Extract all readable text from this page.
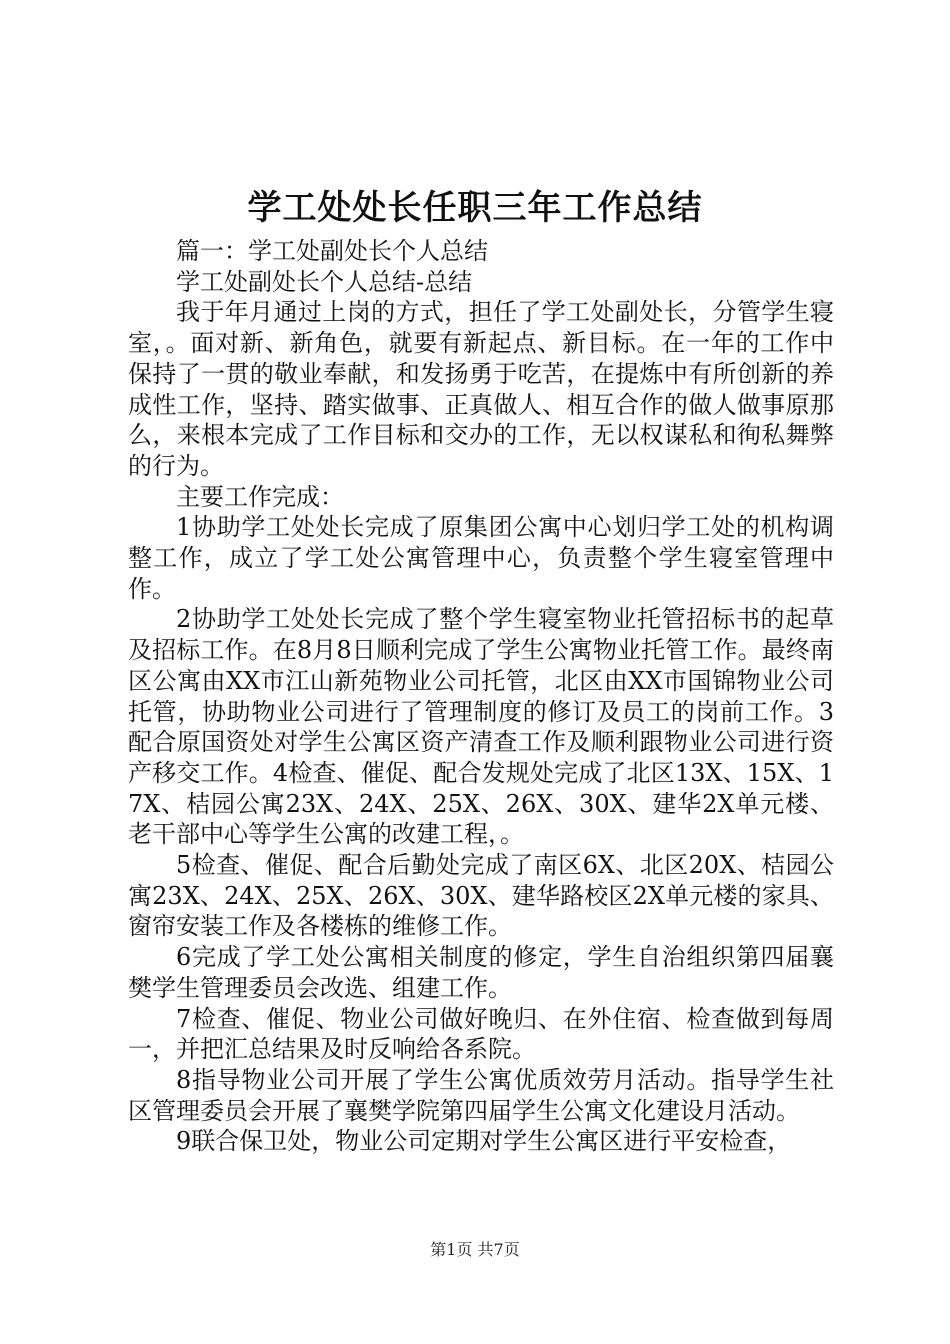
学工处处长任职三年工作总结

篇一：学工处副处长个人总结

学工处副处长个人总结-总结

我于年月通过上岗的方式，担任了学工处副处长，分管学生寝室，。面对新、新角色，就要有新起点、新目标。在一年的工作中保持了一贯的敬业奉献，和发扬勇于吃苦，在提炼中有所创新的养成性工作，坚持、踏实做事、正真做人、相互合作的做人做事原那么，来根本完成了工作目标和交办的工作，无以权谋私和徇私舞弊的行为。

主要工作完成：

1协助学工处处长完成了原集团公寓中心划归学工处的机构调整工作，成立了学工处公寓管理中心，负责整个学生寝室管理中作。

2协助学工处处长完成了整个学生寝室物业托管招标书的起草及招标工作。在8月8日顺利完成了学生公寓物业托管工作。最终南区公寓由XX市江山新苑物业公司托管，北区由XX市国锦物业公司托管，协助物业公司进行了管理制度的修订及员工的岗前工作。3配合原国资处对学生公寓区资产清查工作及顺利跟物业公司进行资产移交工作。4检查、催促、配合发规处完成了北区13X、15X、17X、桔园公寓23X、24X、25X、26X、30X、建华2X单元楼、老干部中心等学生公寓的改建工程，。

5检查、催促、配合后勤处完成了南区6X、北区20X、桔园公寓23X、24X、25X、26X、30X、建华路校区2X单元楼的家具、窗帘安装工作及各楼栋的维修工作。

6完成了学工处公寓相关制度的修定，学生自治组织第四届襄樊学生管理委员会改选、组建工作。

7检查、催促、物业公司做好晚归、在外住宿、检查做到每周一，并把汇总结果及时反响给各系院。

8指导物业公司开展了学生公寓优质效劳月活动。指导学生社区管理委员会开展了襄樊学院第四届学生公寓文化建设月活动。

9联合保卫处，物业公司定期对学生公寓区进行平安检查，

第1页 共7页
